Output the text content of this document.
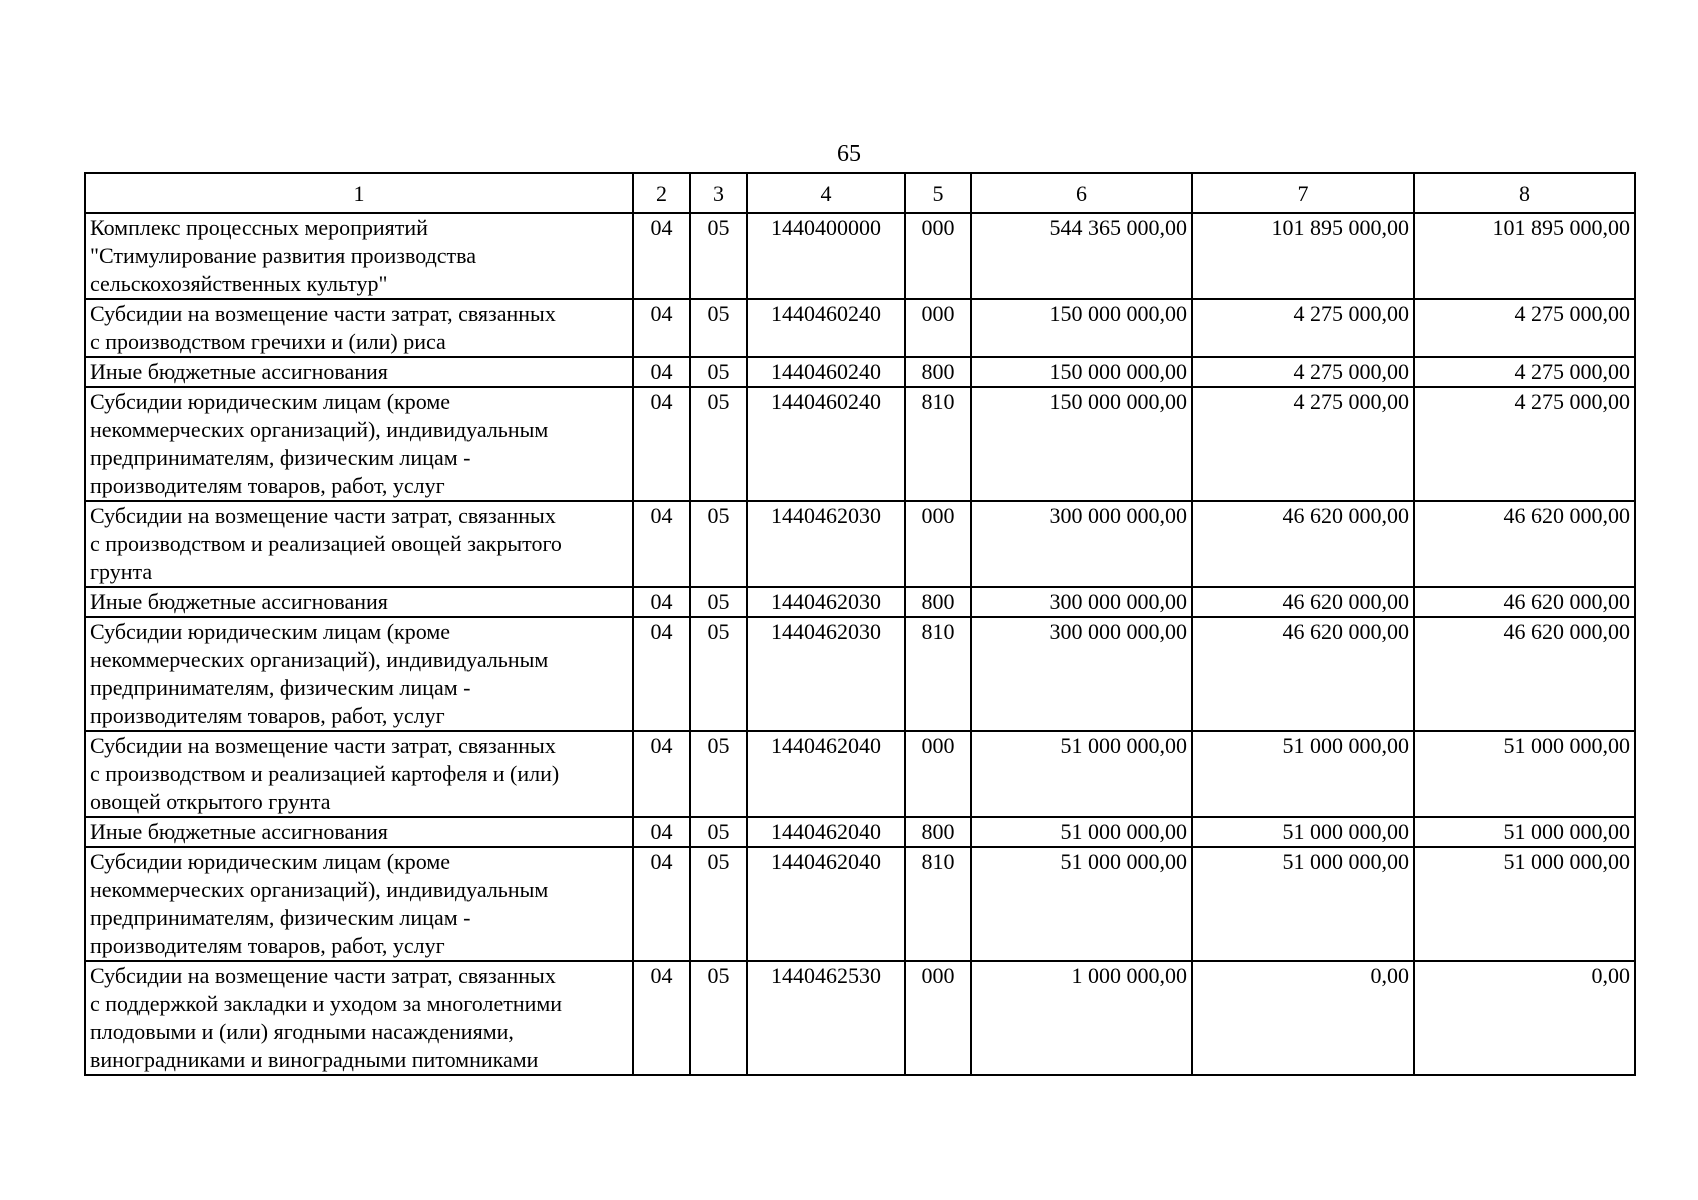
65
1	2	3	4	5	6	7	8
Комплекс процессных мероприятий
"Стимулирование развития производства
сельскохозяйственных культур"	04	05	1440400000	000	544 365 000,00	101 895 000,00	101 895 000,00
Субсидии на возмещение части затрат, связанных
с производством гречихи и (или) риса	04	05	1440460240	000	150 000 000,00	4 275 000,00	4 275 000,00
Иные бюджетные ассигнования	04	05	1440460240	800	150 000 000,00	4 275 000,00	4 275 000,00
Субсидии юридическим лицам (кроме
некоммерческих организаций), индивидуальным
предпринимателям, физическим лицам -
производителям товаров, работ, услуг	04	05	1440460240	810	150 000 000,00	4 275 000,00	4 275 000,00
Субсидии на возмещение части затрат, связанных
с производством и реализацией овощей закрытого
грунта	04	05	1440462030	000	300 000 000,00	46 620 000,00	46 620 000,00
Иные бюджетные ассигнования	04	05	1440462030	800	300 000 000,00	46 620 000,00	46 620 000,00
Субсидии юридическим лицам (кроме
некоммерческих организаций), индивидуальным
предпринимателям, физическим лицам -
производителям товаров, работ, услуг	04	05	1440462030	810	300 000 000,00	46 620 000,00	46 620 000,00
Субсидии на возмещение части затрат, связанных
с производством и реализацией картофеля и (или)
овощей открытого грунта	04	05	1440462040	000	51 000 000,00	51 000 000,00	51 000 000,00
Иные бюджетные ассигнования	04	05	1440462040	800	51 000 000,00	51 000 000,00	51 000 000,00
Субсидии юридическим лицам (кроме
некоммерческих организаций), индивидуальным
предпринимателям, физическим лицам -
производителям товаров, работ, услуг	04	05	1440462040	810	51 000 000,00	51 000 000,00	51 000 000,00
Субсидии на возмещение части затрат, связанных
с поддержкой закладки и уходом за многолетними
плодовыми и (или) ягодными насаждениями,
виноградниками и виноградными питомниками	04	05	1440462530	000	1 000 000,00	0,00	0,00
